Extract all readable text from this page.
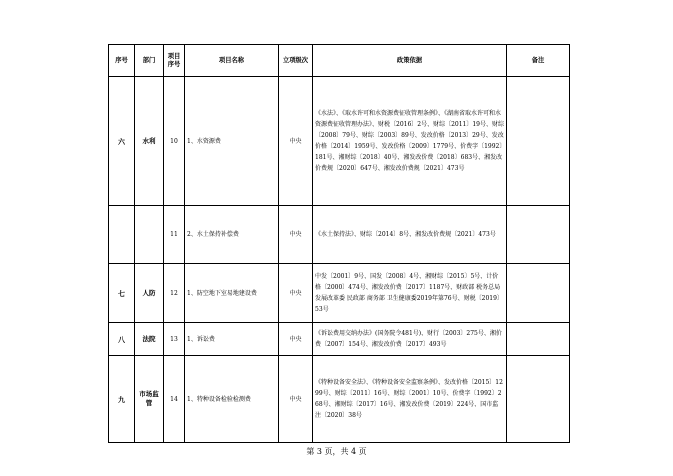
序号	部门	项目序号	项目名称	立项级次	政策依据	备注
六	水利	10	1、水资源费	中央	《水法》、《取水许可和水资源费征收管理条例》、《湖南省取水许可和水资源费征收管理办法》、财税〔2016〕2号、财综〔2011〕19号、财综〔2008〕79号、财综〔2003〕89号、发改价格〔2013〕29号、发改价格〔2014〕1959号、发改价格〔2009〕1779号、价费字〔1992〕181号、湘财综〔2018〕40号、湘发改价费〔2018〕683号、湘发改价费规〔2020〕647号、湘发改价费规〔2021〕473号	
		11	2、水土保持补偿费	中央	《水土保持法》、财综〔2014〕8号、湘发改价费规〔2021〕473号	
七	人防	12	1、防空地下室易地建设费	中央	中发〔2001〕9号、国发〔2008〕4号、湘财综〔2015〕5号、计价格〔2000〕474号、湘发改价费〔2017〕1187号、财政部 税务总局 发展改革委 民政部 商务部 卫生健康委2019年第76号、财税〔2019〕53号	
八	法院	13	1、诉讼费	中央	《诉讼费用交纳办法》(国务院令481号)、财行〔2003〕275号、湘价费〔2007〕154号、湘发改价费〔2017〕493号	
九	市场监管	14	1、特种设备检验检测费	中央	《特种设备安全法》、《特种设备安全监察条例》、发改价格〔2015〕1299号、财综〔2011〕16号、财综〔2001〕10号、价费字〔1992〕268号、湘财综〔2017〕16号、湘发改价费〔2019〕224号、国市监注〔2020〕38号	
第 3 页，共 4 页
